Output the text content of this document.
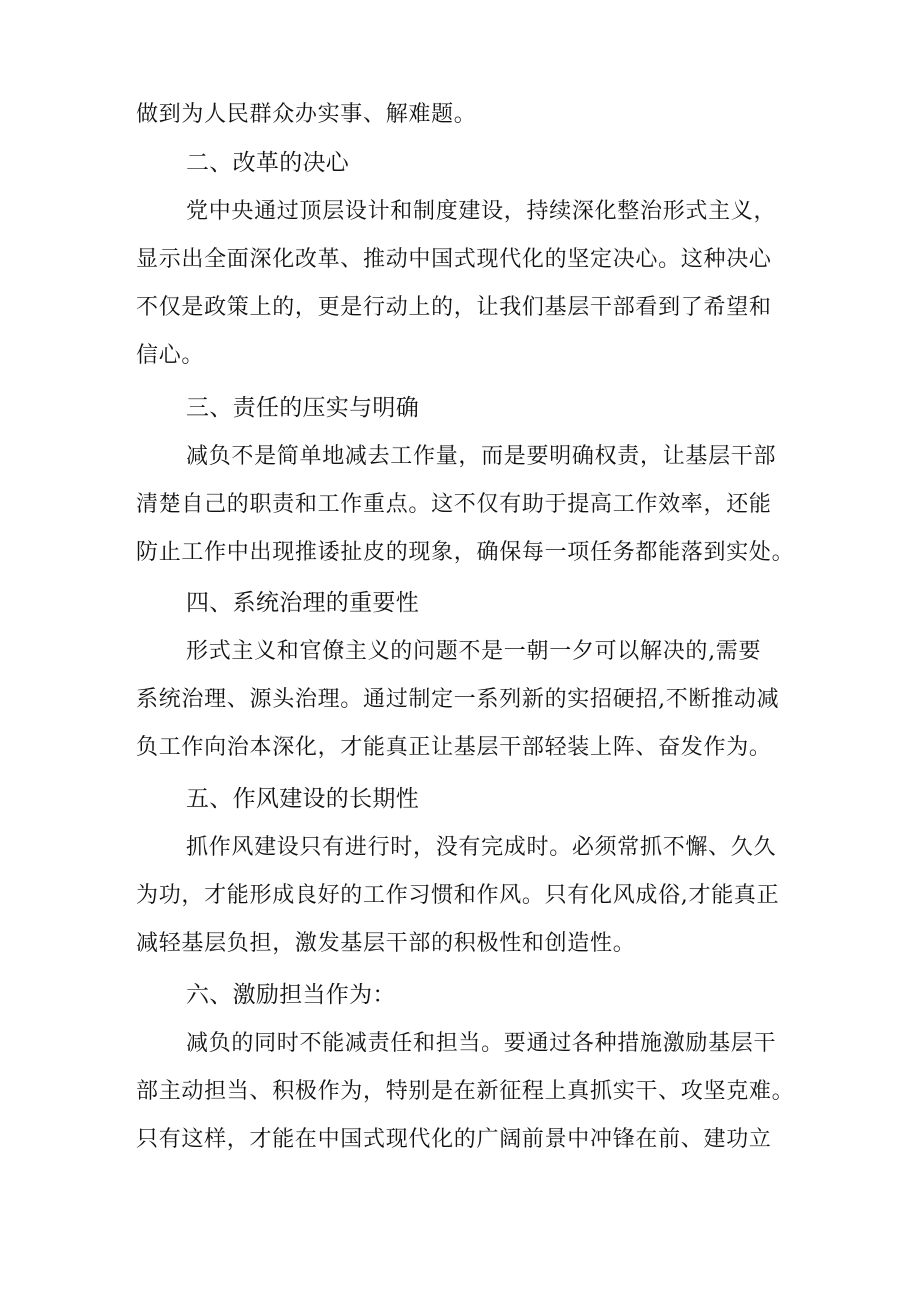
做到为人民群众办实事、解难题。
二、改革的决心
党中央通过顶层设计和制度建设，持续深化整治形式主义，
显示出全面深化改革、推动中国式现代化的坚定决心。这种决心
不仅是政策上的，更是行动上的，让我们基层干部看到了希望和
信心。
三、责任的压实与明确
减负不是简单地减去工作量，而是要明确权责，让基层干部
清楚自己的职责和工作重点。这不仅有助于提高工作效率，还能
防止工作中出现推诿扯皮的现象，确保每一项任务都能落到实处。
四、系统治理的重要性
形式主义和官僚主义的问题不是一朝一夕可以解决的,需要
系统治理、源头治理。通过制定一系列新的实招硬招,不断推动减
负工作向治本深化，才能真正让基层干部轻装上阵、奋发作为。
五、作风建设的长期性
抓作风建设只有进行时，没有完成时。必须常抓不懈、久久
为功，才能形成良好的工作习惯和作风。只有化风成俗,才能真正
减轻基层负担，激发基层干部的积极性和创造性。
六、激励担当作为：
减负的同时不能减责任和担当。要通过各种措施激励基层干
部主动担当、积极作为，特别是在新征程上真抓实干、攻坚克难。
只有这样，才能在中国式现代化的广阔前景中冲锋在前、建功立
